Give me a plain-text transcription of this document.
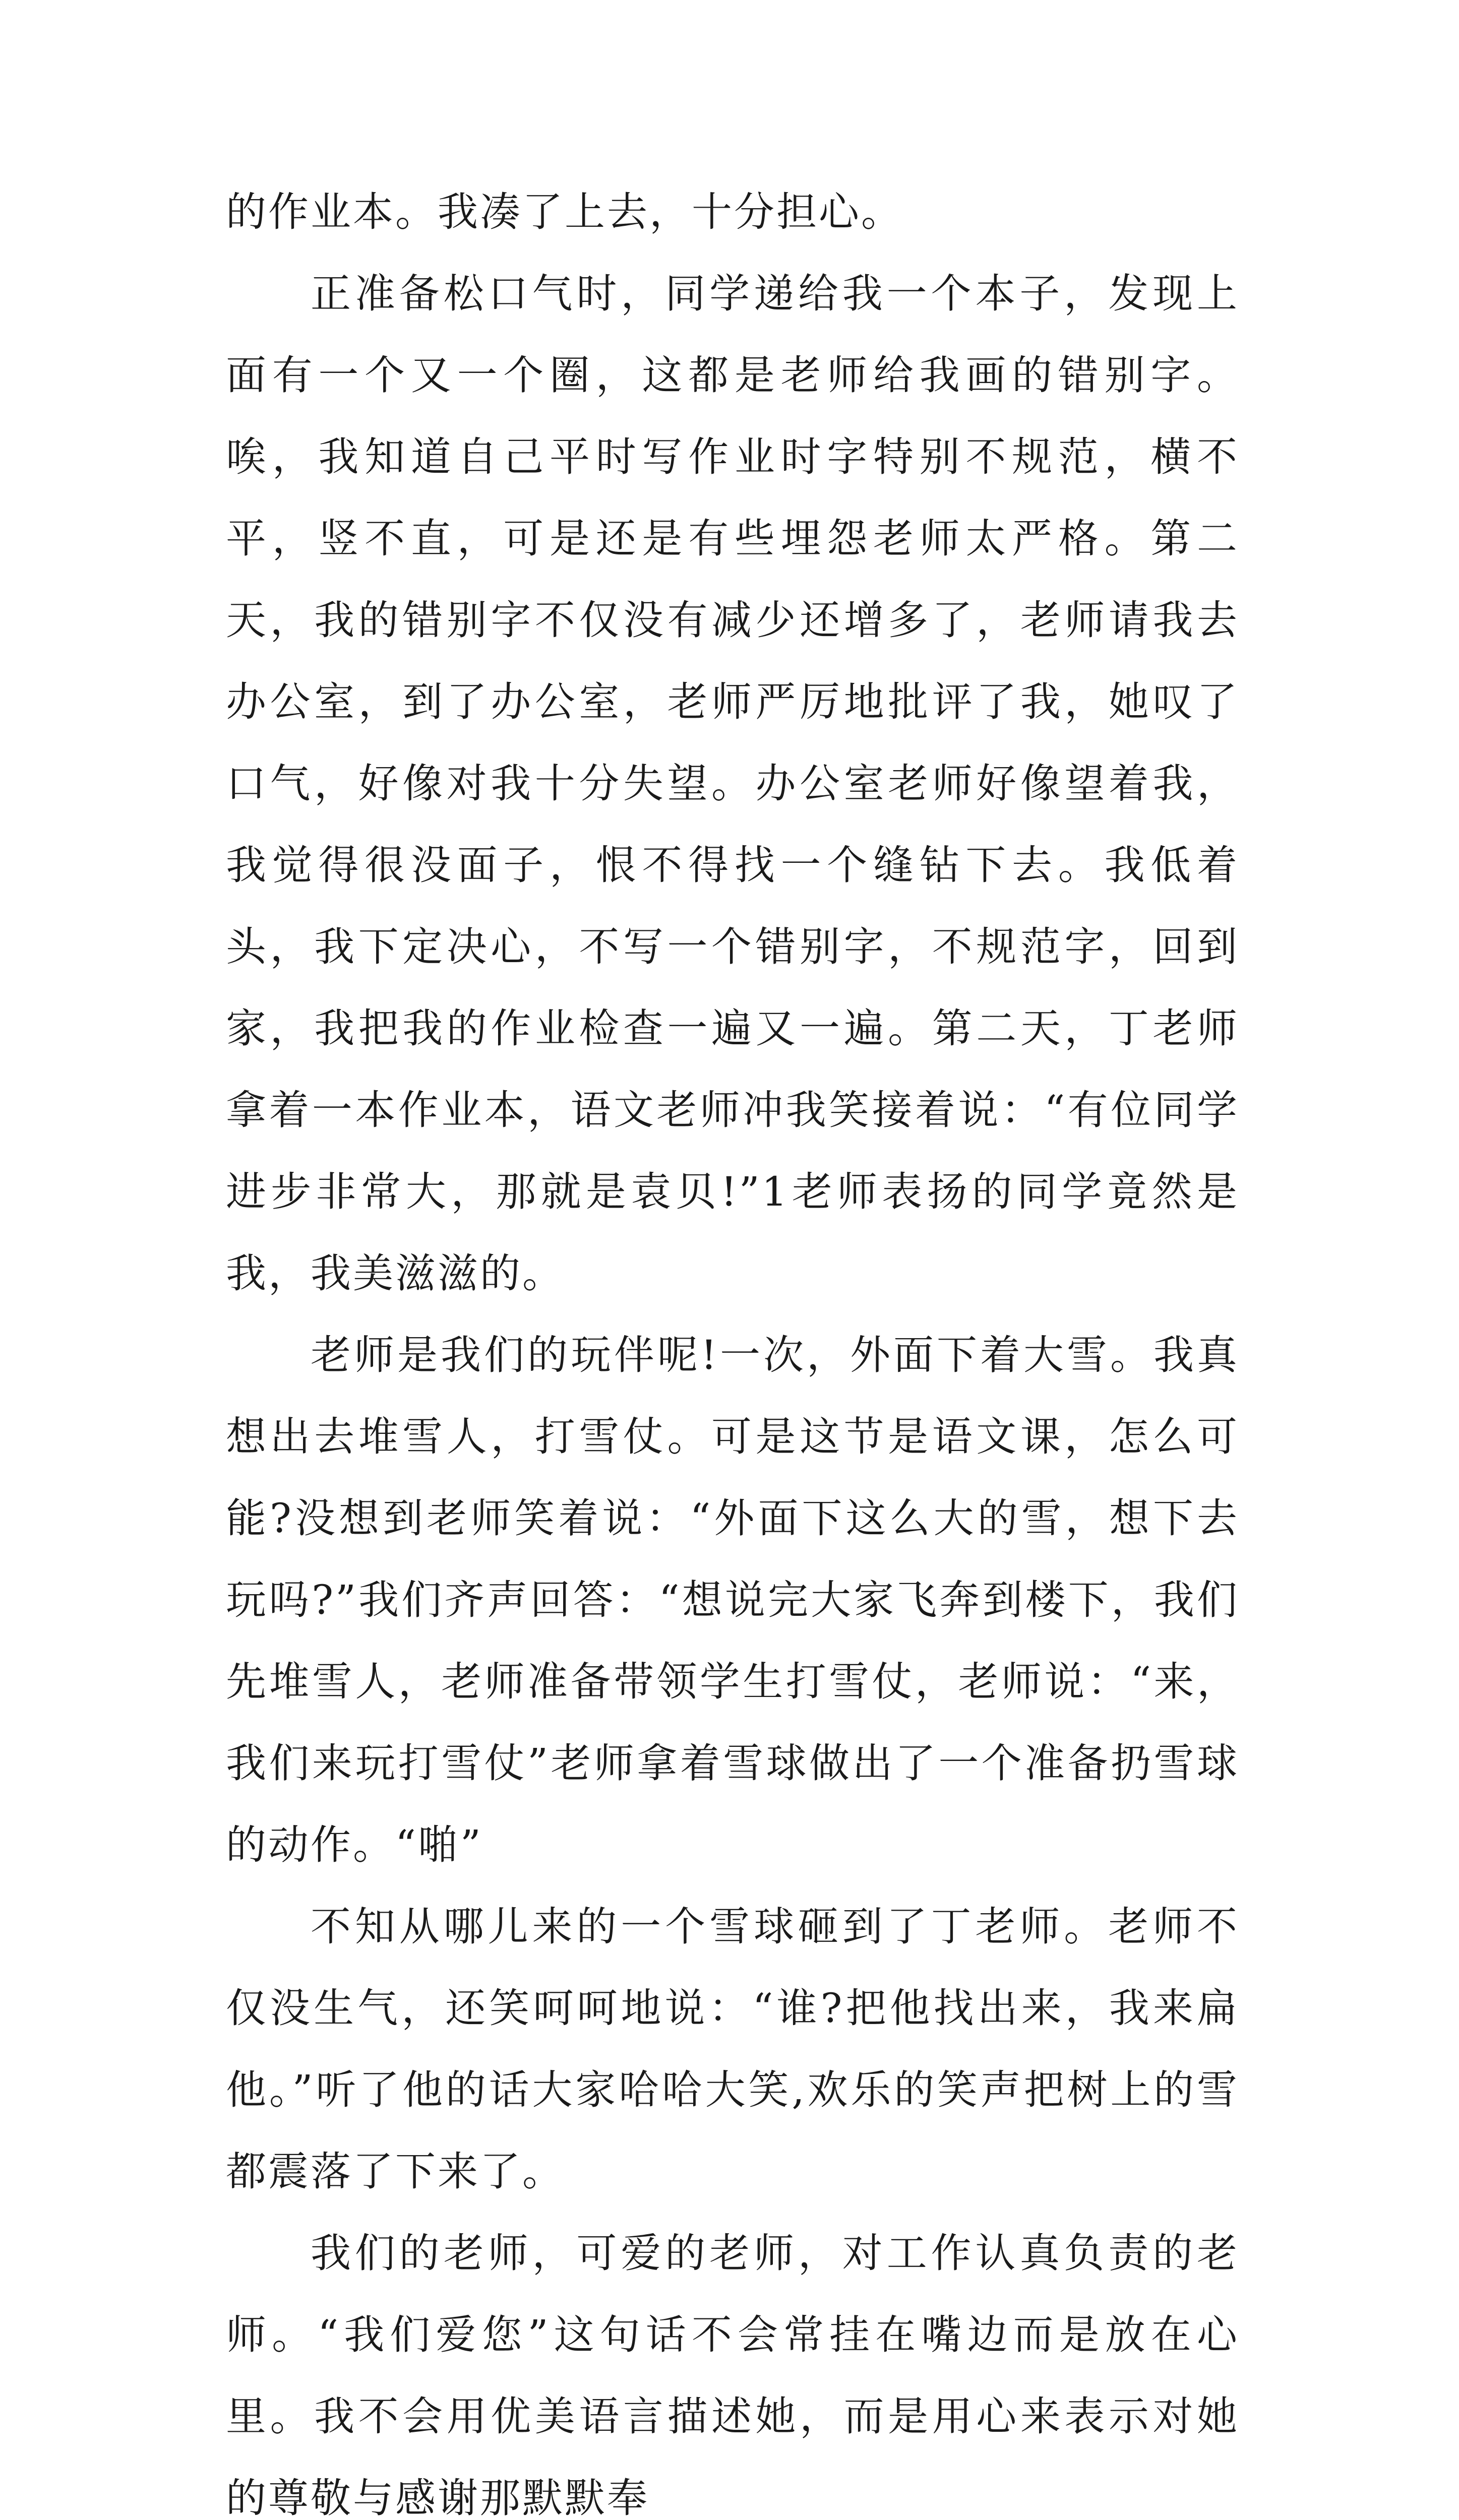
的作业本。我凑了上去，十分担心。

正准备松口气时，同学递给我一个本子，发现上面有一个又一个圈，这都是老师给我画的错别字。唉，我知道自己平时写作业时字特别不规范，横不平，竖不直，可是还是有些埋怨老师太严格。第二天，我的错别字不仅没有减少还增多了，老师请我去办公室，到了办公室，老师严厉地批评了我，她叹了口气，好像对我十分失望。办公室老师好像望着我，我觉得很没面子，恨不得找一个缝钻下去。我低着头，我下定决心，不写一个错别字，不规范字，回到家，我把我的作业检查一遍又一遍。第二天，丁老师拿着一本作业本，语文老师冲我笑接着说：“有位同学进步非常大，那就是袁贝!”1老师表扬的同学竟然是我，我美滋滋的。

老师是我们的玩伴呢!一次，外面下着大雪。我真想出去堆雪人，打雪仗。可是这节是语文课，怎么可能?没想到老师笑着说：“外面下这么大的雪，想下去玩吗?”我们齐声回答：“想说完大家飞奔到楼下，我们先堆雪人，老师准备带领学生打雪仗，老师说：“来，我们来玩打雪仗”老师拿着雪球做出了一个准备扔雪球的动作。“啪”

不知从哪儿来的一个雪球砸到了丁老师。老师不仅没生气，还笑呵呵地说：“谁?把他找出来，我来扁他。”听了他的话大家哈哈大笑,欢乐的笑声把树上的雪都震落了下来了。

我们的老师，可爱的老师，对工作认真负责的老师。“我们爱您”这句话不会常挂在嘴边而是放在心里。我不会用优美语言描述她，而是用心来表示对她的尊敬与感谢那默默奉
